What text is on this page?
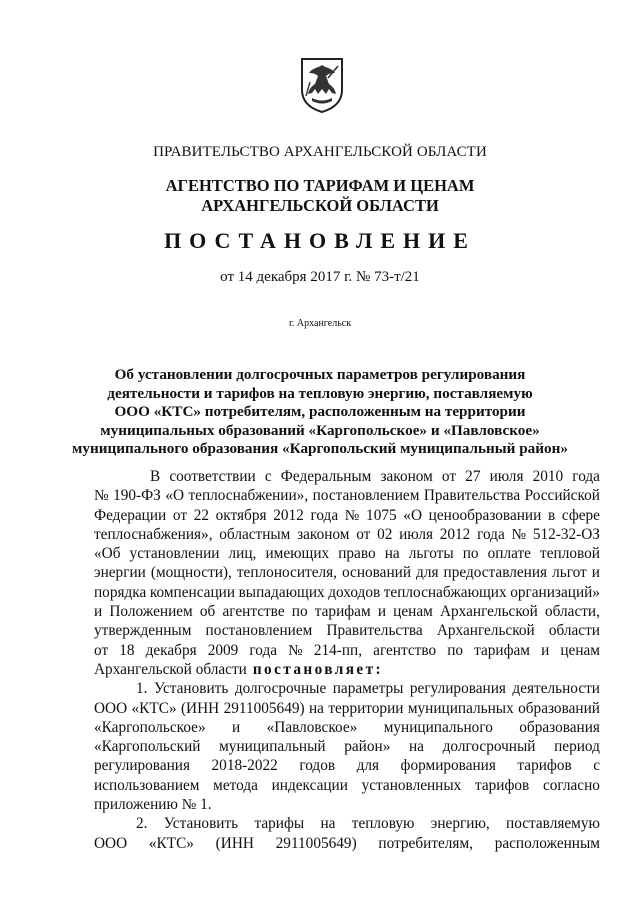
ПРАВИТЕЛЬСТВО АРХАНГЕЛЬСКОЙ ОБЛАСТИ
АГЕНТСТВО ПО ТАРИФАМ И ЦЕНАМ
АРХАНГЕЛЬСКОЙ ОБЛАСТИ
ПОСТАНОВЛЕНИЕ
от 14 декабря 2017 г. № 73-т/21
г. Архангельск
Об установлении долгосрочных параметров регулирования
деятельности и тарифов на тепловую энергию, поставляемую
ООО «КТС» потребителям, расположенным на территории
муниципальных образований «Каргопольское» и «Павловское»
муниципального образования «Каргопольский муниципальный район»
В соответствии с Федеральным законом от 27 июля 2010 года
№ 190-ФЗ «О теплоснабжении», постановлением Правительства Российской
Федерации от 22 октября 2012 года № 1075 «О ценообразовании в сфере
теплоснабжения», областным законом от 02 июля 2012 года № 512-32-ОЗ
«Об установлении лиц, имеющих право на льготы по оплате тепловой
энергии (мощности), теплоносителя, оснований для предоставления льгот и
порядка компенсации выпадающих доходов теплоснабжающих организаций»
и Положением об агентстве по тарифам и ценам Архангельской области,
утвержденным постановлением Правительства Архангельской области
от 18 декабря 2009 года № 214-пп, агентство по тарифам и ценам
Архангельской области постановляет:
1. Установить долгосрочные параметры регулирования деятельности
ООО «КТС» (ИНН 2911005649) на территории муниципальных образований
«Каргопольское» и «Павловское» муниципального образования
«Каргопольский муниципальный район» на долгосрочный период
регулирования 2018-2022 годов для формирования тарифов с
использованием метода индексации установленных тарифов согласно
приложению № 1.
2. Установить тарифы на тепловую энергию, поставляемую
ООО «КТС» (ИНН 2911005649) потребителям, расположенным
